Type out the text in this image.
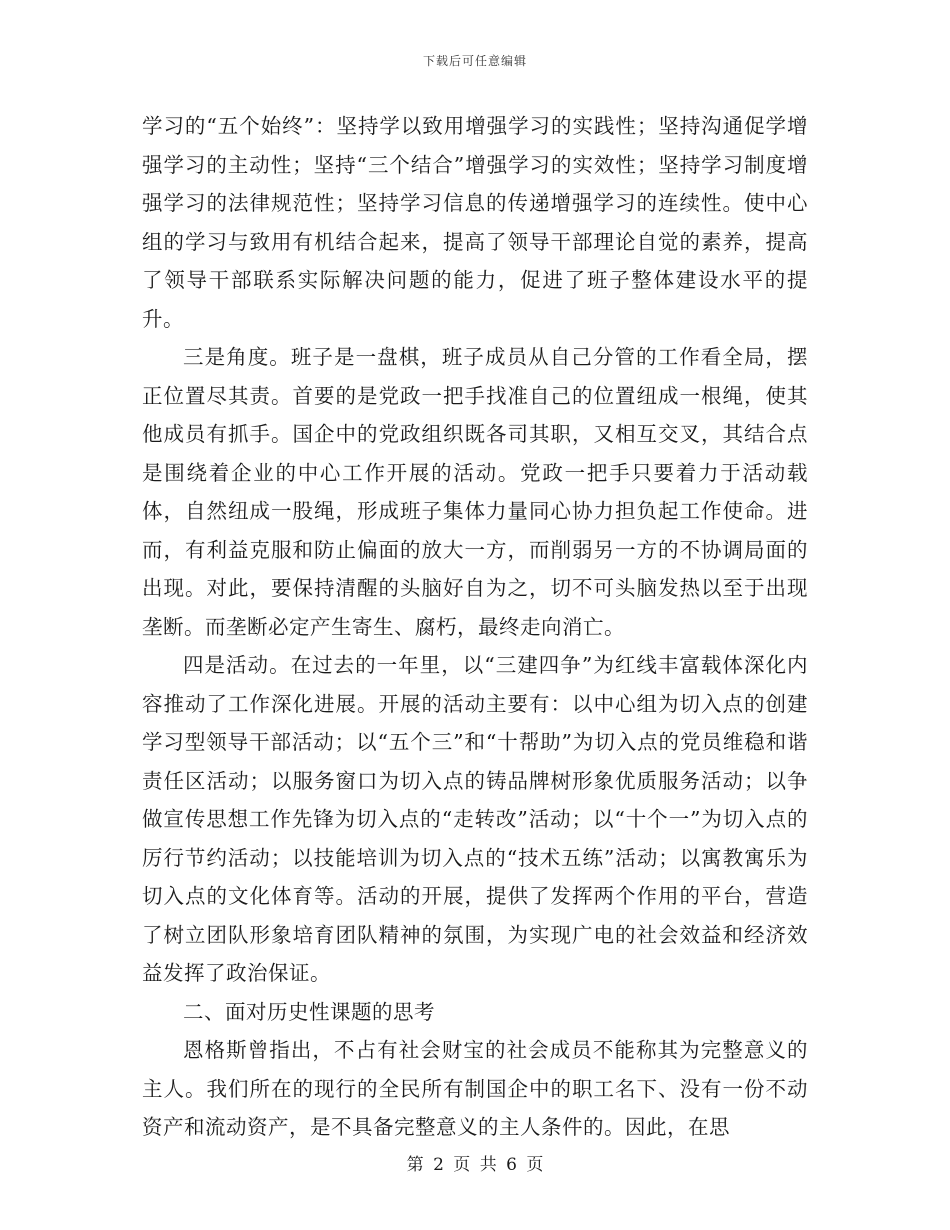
下载后可任意编辑

学习的“五个始终”：坚持学以致用增强学习的实践性；坚持沟通促学增强学习的主动性；坚持“三个结合”增强学习的实效性；坚持学习制度增强学习的法律规范性；坚持学习信息的传递增强学习的连续性。使中心组的学习与致用有机结合起来，提高了领导干部理论自觉的素养，提高了领导干部联系实际解决问题的能力，促进了班子整体建设水平的提升。

三是角度。班子是一盘棋，班子成员从自己分管的工作看全局，摆正位置尽其责。首要的是党政一把手找准自己的位置纽成一根绳，使其他成员有抓手。国企中的党政组织既各司其职，又相互交叉，其结合点是围绕着企业的中心工作开展的活动。党政一把手只要着力于活动载体，自然纽成一股绳，形成班子集体力量同心协力担负起工作使命。进而，有利益克服和防止偏面的放大一方，而削弱另一方的不协调局面的出现。对此，要保持清醒的头脑好自为之，切不可头脑发热以至于出现垄断。而垄断必定产生寄生、腐朽，最终走向消亡。

四是活动。在过去的一年里，以“三建四争”为红线丰富载体深化内容推动了工作深化进展。开展的活动主要有：以中心组为切入点的创建学习型领导干部活动；以“五个三”和“十帮助”为切入点的党员维稳和谐责任区活动；以服务窗口为切入点的铸品牌树形象优质服务活动；以争做宣传思想工作先锋为切入点的“走转改”活动；以“十个一”为切入点的厉行节约活动；以技能培训为切入点的“技术五练”活动；以寓教寓乐为切入点的文化体育等。活动的开展，提供了发挥两个作用的平台，营造了树立团队形象培育团队精神的氛围，为实现广电的社会效益和经济效益发挥了政治保证。

二、面对历史性课题的思考

恩格斯曾指出，不占有社会财宝的社会成员不能称其为完整意义的主人。我们所在的现行的全民所有制国企中的职工名下、没有一份不动资产和流动资产，是不具备完整意义的主人条件的。因此，在思

第 2 页 共 6 页
